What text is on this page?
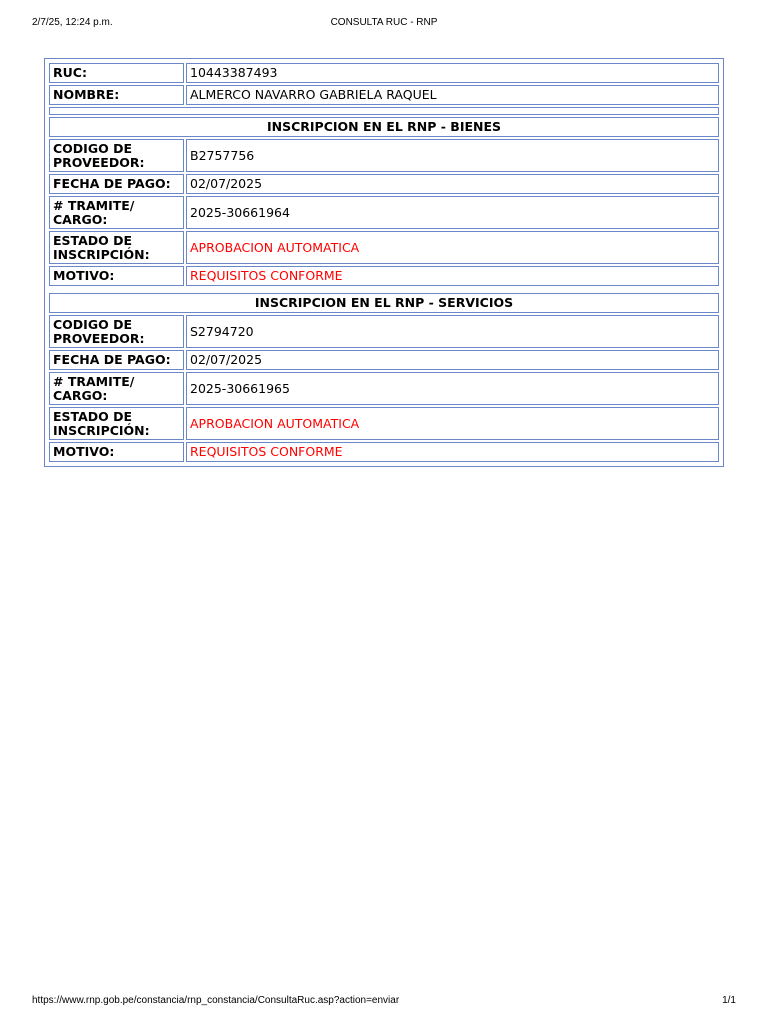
2/7/25, 12:24 p.m.	CONSULTA RUC - RNP
RUC:	10443387493
NOMBRE:	ALMERCO NAVARRO GABRIELA RAQUEL

INSCRIPCION EN EL RNP - BIENES	
CODIGO DE PROVEEDOR:	B2757756
FECHA DE PAGO:	02/07/2025
# TRAMITE/ CARGO:	2025-30661964
ESTADO DE INSCRIPCIÓN:	APROBACION AUTOMATICA
MOTIVO:	REQUISITOS CONFORME

INSCRIPCION EN EL RNP - SERVICIOS	
CODIGO DE PROVEEDOR:	S2794720
FECHA DE PAGO:	02/07/2025
# TRAMITE/ CARGO:	2025-30661965
ESTADO DE INSCRIPCIÓN:	APROBACION AUTOMATICA
MOTIVO:	REQUISITOS CONFORME
https://www.rnp.gob.pe/constancia/rnp_constancia/ConsultaRuc.asp?action=enviar	1/1
